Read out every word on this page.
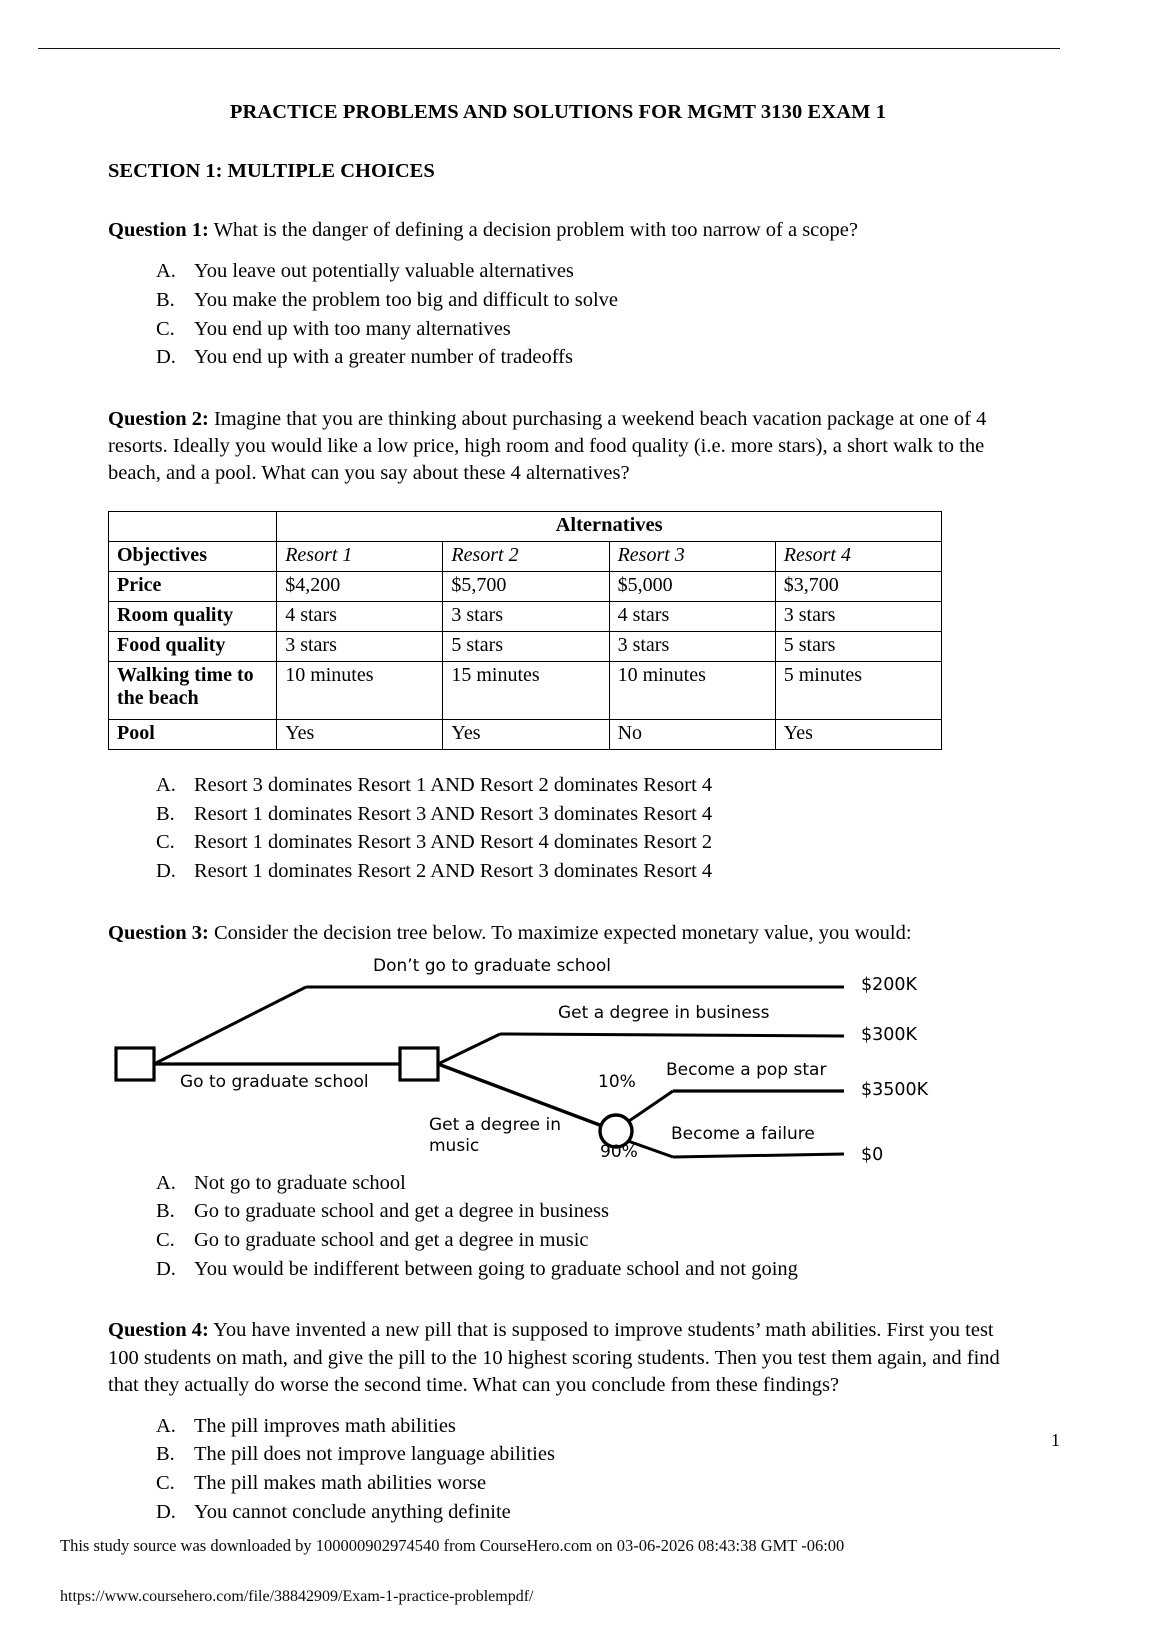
PRACTICE PROBLEMS AND SOLUTIONS FOR MGMT 3130 EXAM 1
SECTION 1: MULTIPLE CHOICES
Question 1: What is the danger of defining a decision problem with too narrow of a scope?
A. You leave out potentially valuable alternatives
B. You make the problem too big and difficult to solve
C. You end up with too many alternatives
D. You end up with a greater number of tradeoffs
Question 2: Imagine that you are thinking about purchasing a weekend beach vacation package at one of 4 resorts. Ideally you would like a low price, high room and food quality (i.e. more stars), a short walk to the beach, and a pool. What can you say about these 4 alternatives?
	Alternatives			
Objectives	Resort 1	Resort 2	Resort 3	Resort 4
Price	$4,200	$5,700	$5,000	$3,700
Room quality	4 stars	3 stars	4 stars	3 stars
Food quality	3 stars	5 stars	3 stars	5 stars
Walking time to the beach	10 minutes	15 minutes	10 minutes	5 minutes
Pool	Yes	Yes	No	Yes
A. Resort 3 dominates Resort 1 AND Resort 2 dominates Resort 4
B. Resort 1 dominates Resort 3 AND Resort 3 dominates Resort 4
C. Resort 1 dominates Resort 3 AND Resort 4 dominates Resort 2
D. Resort 1 dominates Resort 2 AND Resort 3 dominates Resort 4
Question 3: Consider the decision tree below. To maximize expected monetary value, you would:
Don’t go to graduate school
Go to graduate school
Get a degree in business
Get a degree in
music
Become a pop star
Become a failure
10%
90%
$200K
$300K
$3500K
$0
A. Not go to graduate school
B. Go to graduate school and get a degree in business
C. Go to graduate school and get a degree in music
D. You would be indifferent between going to graduate school and not going
Question 4: You have invented a new pill that is supposed to improve students’ math abilities. First you test 100 students on math, and give the pill to the 10 highest scoring students. Then you test them again, and find that they actually do worse the second time. What can you conclude from these findings?
A. The pill improves math abilities
B. The pill does not improve language abilities
C. The pill makes math abilities worse
D. You cannot conclude anything definite
1
This study source was downloaded by 100000902974540 from CourseHero.com on 03-06-2026 08:43:38 GMT -06:00
https://www.coursehero.com/file/38842909/Exam-1-practice-problempdf/
